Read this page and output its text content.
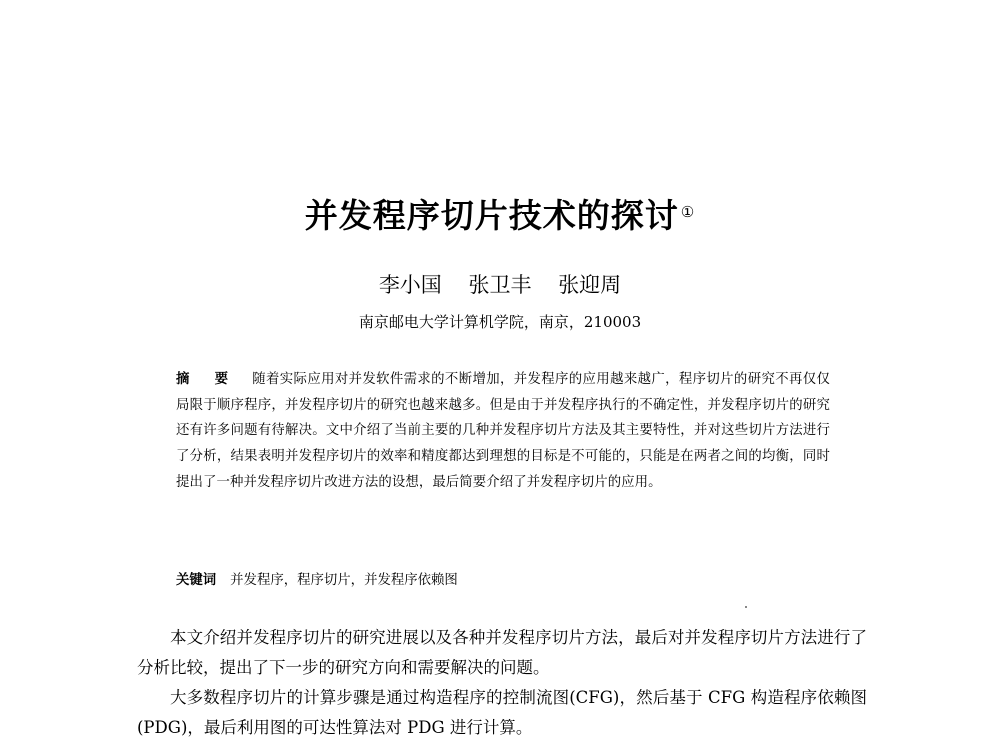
并发程序切片技术的探讨 ①
李小国 张卫丰 张迎周
南京邮电大学计算机学院，南京，210003
摘 要 随着实际应用对并发软件需求的不断增加，并发程序的应用越来越广，程序切片的研究不再仅仅局限于顺序程序，并发程序切片的研究也越来越多。但是由于并发程序执行的不确定性，并发程序切片的研究还有许多问题有待解决。文中介绍了当前主要的几种并发程序切片方法及其主要特性，并对这些切片方法进行了分析，结果表明并发程序切片的效率和精度都达到理想的目标是不可能的，只能是在两者之间的均衡，同时提出了一种并发程序切片改进方法的设想，最后简要介绍了并发程序切片的应用。
关键词 并发程序，程序切片，并发程序依赖图

本文介绍并发程序切片的研究进展以及各种并发程序切片方法，最后对并发程序切片方法进行了分析比较，提出了下一步的研究方向和需要解决的问题。

大多数程序切片的计算步骤是通过构造程序的控制流图(CFG)，然后基于 CFG 构造程序依赖图(PDG)，最后利用图的可达性算法对 PDG 进行计算。
